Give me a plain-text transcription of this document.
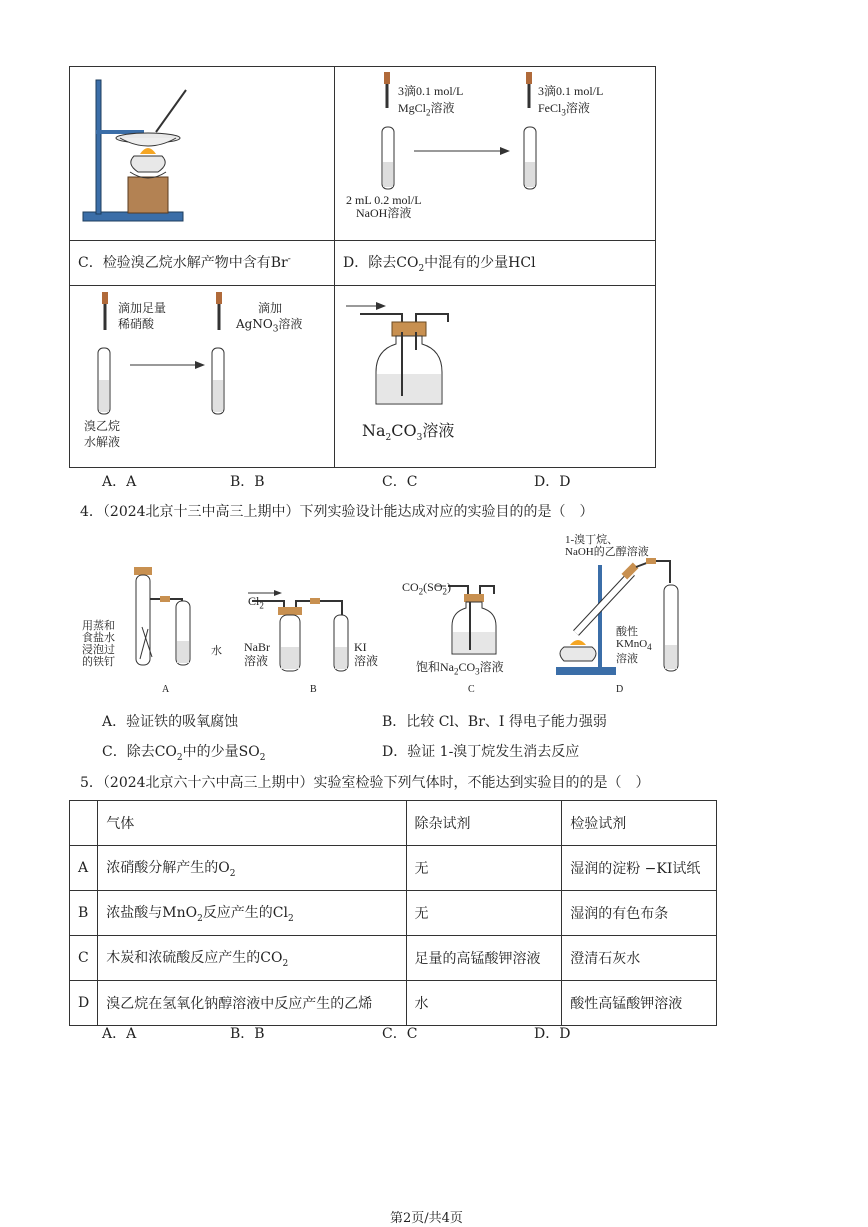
3滴0.1 mol/L
MgCl$_2$溶液
3滴0.1 mol/L
FeCl$_3$溶液
2 mL 0.2 mol/L
NaOH溶液
C．检验溴乙烷水解产物中含有Br-	D．除去$CO_2$中混有的少量HCl
滴加足量
稀硝酸
滴加
AgNO$_3$溶液
溴乙烷
水解液
$Na_2CO_3$溶液
A．A	B．B	C．C	D．D
4．（2024北京十三中高三上期中）下列实验设计能达成对应的实验目的的是（　）
用蒸和
食盐水
浸泡过
的铁钉
水
A
$Cl_2$
NaBr
溶液
KI
溶液
B
$CO_2(SO_2)$
饱和$Na_2CO_3$溶液
C
1-溴丁烷、
NaOH的乙醇溶液
酸性
KMnO$_4$
溶液
D
A．验证铁的吸氧腐蚀	B．比较 Cl、Br、I 得电子能力强弱
C．除去$CO_2$中的少量$SO_2$	D．验证 1-溴丁烷发生消去反应
5．（2024北京六十六中高三上期中）实验室检验下列气体时，不能达到实验目的的是（　）
	气体	除杂试剂	检验试剂
A	浓硝酸分解产生的$O_2$	无	湿润的淀粉 −KI试纸
B	浓盐酸与MnO$_2$反应产生的$Cl_2$	无	湿润的有色布条
C	木炭和浓硫酸反应产生的$CO_2$	足量的高锰酸钾溶液	澄清石灰水
D	溴乙烷在氢氧化钠醇溶液中反应产生的乙烯	水	酸性高锰酸钾溶液
A．A	B．B	C．C	D．D
第2页/共4页
